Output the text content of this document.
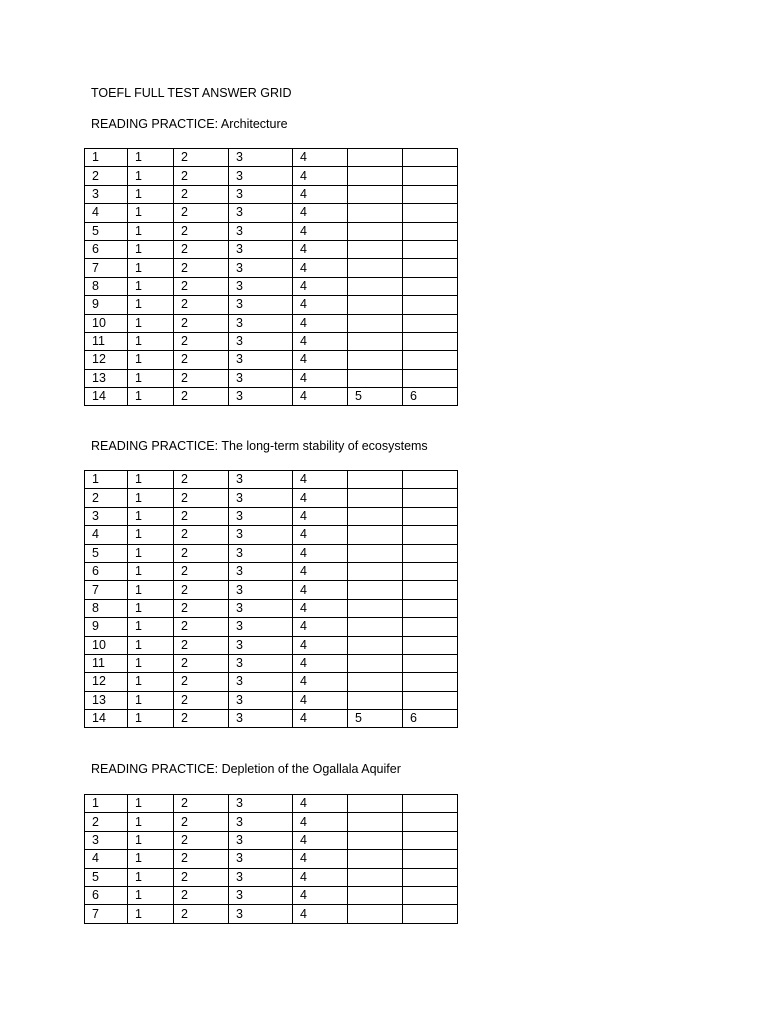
TOEFL FULL TEST ANSWER GRID
READING PRACTICE: Architecture
1	1	2	3	4		
2	1	2	3	4		
3	1	2	3	4		
4	1	2	3	4		
5	1	2	3	4		
6	1	2	3	4		
7	1	2	3	4		
8	1	2	3	4		
9	1	2	3	4		
10	1	2	3	4		
11	1	2	3	4		
12	1	2	3	4		
13	1	2	3	4		
14	1	2	3	4	5	6
READING PRACTICE: The long-term stability of ecosystems
1	1	2	3	4		
2	1	2	3	4		
3	1	2	3	4		
4	1	2	3	4		
5	1	2	3	4		
6	1	2	3	4		
7	1	2	3	4		
8	1	2	3	4		
9	1	2	3	4		
10	1	2	3	4		
11	1	2	3	4		
12	1	2	3	4		
13	1	2	3	4		
14	1	2	3	4	5	6
READING PRACTICE: Depletion of the Ogallala Aquifer
1	1	2	3	4		
2	1	2	3	4		
3	1	2	3	4		
4	1	2	3	4		
5	1	2	3	4		
6	1	2	3	4		
7	1	2	3	4		
